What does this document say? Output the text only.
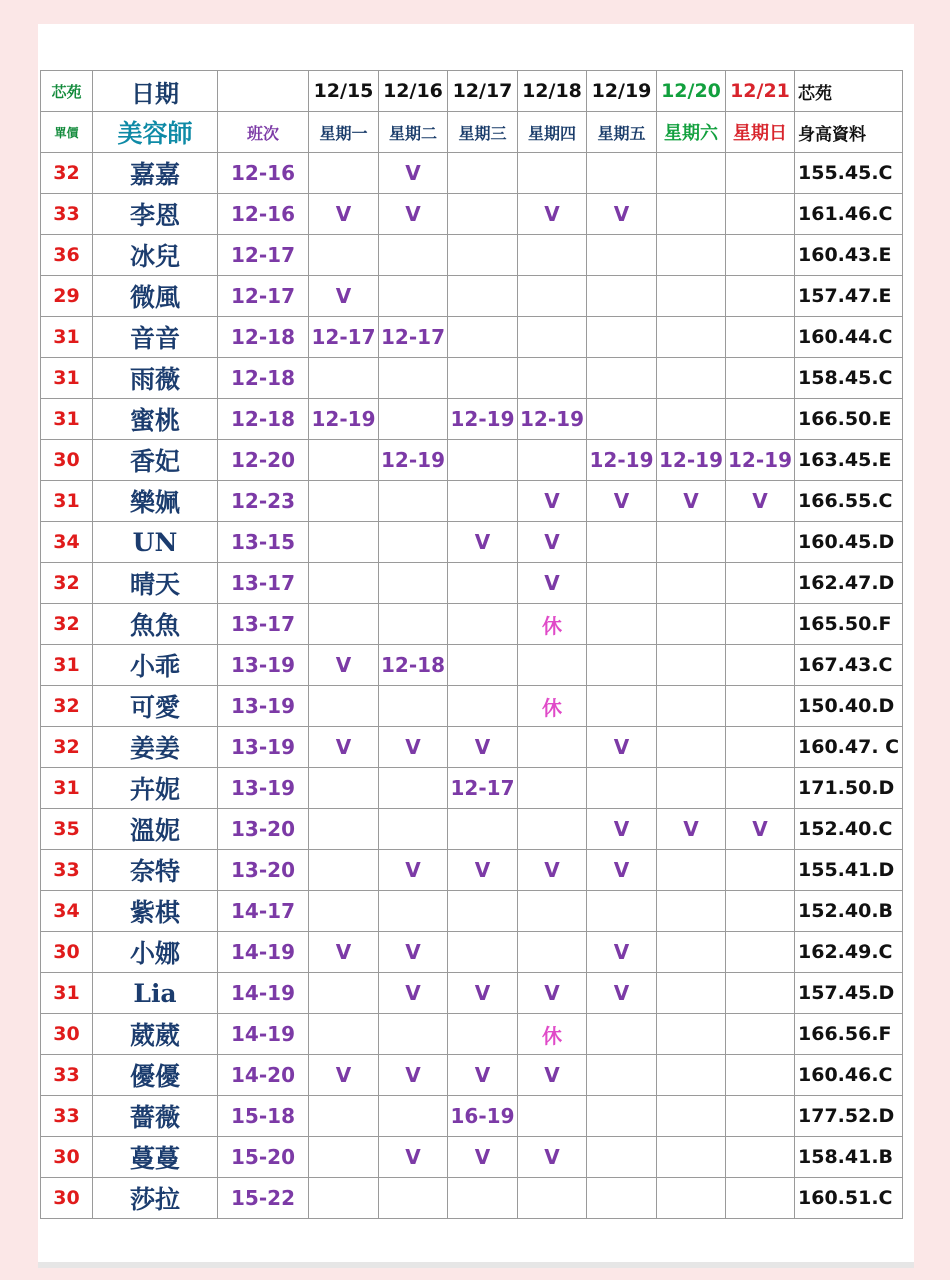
芯苑	日期		12/15	12/16	12/17	12/18	12/19	12/20	12/21	芯苑
單價	美容師	班次	星期一	星期二	星期三	星期四	星期五	星期六	星期日	身高資料
32	嘉嘉	12-16		V						155.45.C
33	李恩	12-16	V	V		V	V			161.46.C
36	冰兒	12-17								160.43.E
29	微風	12-17	V							157.47.E
31	音音	12-18	12-17	12-17						160.44.C
31	雨薇	12-18								158.45.C
31	蜜桃	12-18	12-19		12-19	12-19				166.50.E
30	香妃	12-20		12-19			12-19	12-19	12-19	163.45.E
31	樂姵	12-23				V	V	V	V	166.55.C
34	UN	13-15			V	V				160.45.D
32	晴天	13-17				V				162.47.D
32	魚魚	13-17				休				165.50.F
31	小乖	13-19	V	12-18						167.43.C
32	可愛	13-19				休				150.40.D
32	姜姜	13-19	V	V	V		V			160.47. C
31	卉妮	13-19			12-17					171.50.D
35	溫妮	13-20					V	V	V	152.40.C
33	奈特	13-20		V	V	V	V			155.41.D
34	紫棋	14-17								152.40.B
30	小娜	14-19	V	V			V			162.49.C
31	Lia	14-19		V	V	V	V			157.45.D
30	葳葳	14-19				休				166.56.F
33	優優	14-20	V	V	V	V				160.46.C
33	薔薇	15-18			16-19					177.52.D
30	蔓蔓	15-20		V	V	V				158.41.B
30	莎拉	15-22								160.51.C
